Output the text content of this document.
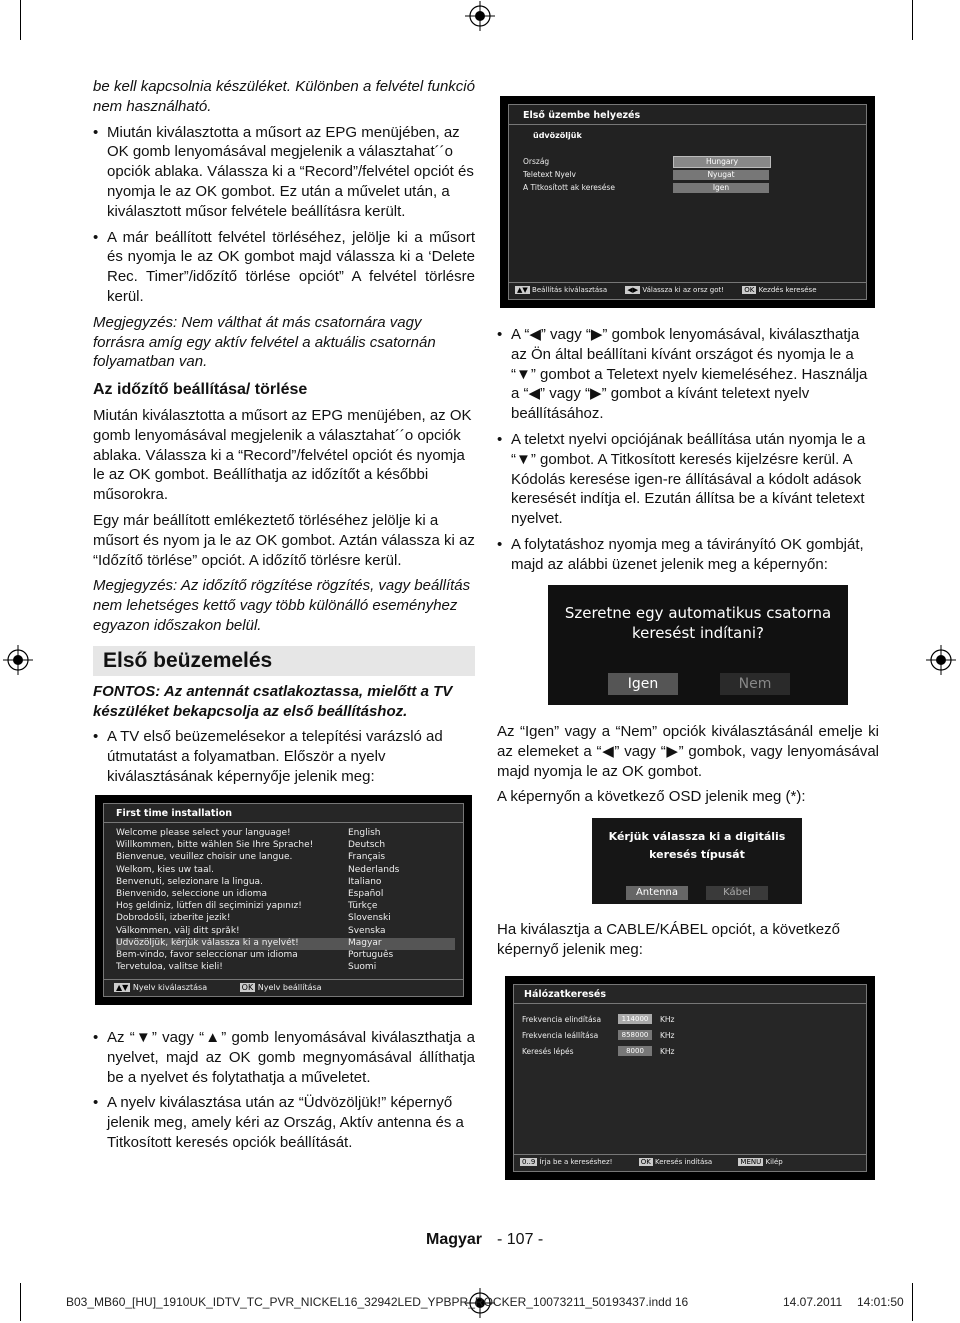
be kell kapcsolnia készüléket. Különben a felvétel funkció nem használható.

• Miután kiválasztotta a műsort az EPG menüjében, az OK gomb lenyomásával megjelenik a választahat´´o opciók ablaka. Válassza ki a “Record”/felvétel opciót és nyomja le az OK gombot. Ez után a művelet után, a kiválasztott műsor felvétele beállításra került.

• A már beállított felvétel törléséhez, jelölje ki a műsort és nyomja le az OK gombot majd válassza ki a ‘Delete Rec. Timer”/időzítő törlése opciót” A felvétel törlésre kerül.

Megjegyzés: Nem válthat át más csatornára vagy forrásra amíg egy aktív felvétel a aktuális csatornán folyamatban van.

Az időzítő beállítása/ törlése

Miután kiválasztotta a műsort az EPG menüjében, az OK gomb lenyomásával megjelenik a választahat´´o opciók ablaka. Válassza ki a “Record”/felvétel opciót és nyomja le az OK gombot. Beállíthatja az időzítőt a későbbi műsorokra.

Egy már beállított emlékeztető törléséhez jelölje ki a műsort és nyom ja le az OK gombot. Aztán válassza ki az “Időzítő törlése” opciót. A időzítő törlésre kerül.

Megjegyzés: Az időzítő rögzítése rögzítés, vagy beállítás nem lehetséges kettő vagy több különálló eseményhez egyazon időszakon belül.

Első beüzemelés

FONTOS: Az antennát csatlakoztassa, mielőtt a TV készüléket bekapcsolja az első beállításhoz.

• A TV első beüzemelésekor a telepítési varázsló ad útmutatást a folyamatban. Először a nyelv kiválasztásának képernyője jelenik meg:

First time installation
Welcome please select your language!	English
Willkommen, bitte wählen Sie Ihre Sprache!	Deutsch
Bienvenue, veuillez choisir une langue.	Français
Welkom, kies uw taal.	Nederlands
Benvenuti, selezionare la lingua.	Italiano
Bienvenido, seleccione un idioma	Español
Hoş geldiniz, lütfen dil seçiminizi yapınız!	Türkçe
Dobrodošli, izberite jezik!	Slovenski
Välkommen, välj ditt språk!	Svenska
Üdvözöljük, kérjük válassza ki a nyelvét!	Magyar
Bem-vindo, favor seleccionar um idioma	Português
Tervetuloa, valitse kieli!	Suomi
▲▼ Nyelv kiválasztása	OK Nyelv beállítása

• Az “▼” vagy “▲” gomb lenyomásával kiválaszthatja a nyelvet, majd az OK gomb megnyomásával állíthatja be a nyelvet és folytathatja a műveletet.

• A nyelv kiválasztása után az “Üdvözöljük!” képernyő jelenik meg, amely kéri az Ország, Aktív antenna és a Titkosított keresés opciók beállítását.

Első üzembe helyezés
üdvözöljük
Ország	Hungary
Teletext Nyelv	Nyugat
A Titkosított ak keresése	Igen
▲▼ Beállítás kiválasztása	◀▶ Válassza ki az orsz got!	OK Kezdés keresése

• A “◀” vagy “▶” gombok lenyomásával, kiválaszthatja az Ön által beállítani kívánt országot és nyomja le a “▼” gombot a Teletext nyelv kiemeléséhez. Használja a “◀” vagy “▶” gombot a kívánt teletext nyelv beállításához.

• A teletxt nyelvi opciójának beállítása után nyomja le a “▼” gombot. A Titkosított keresés kijelzésre kerül. A Kódolás keresése igen-re állításával a kódolt adások keresését indítja el. Ezután állítsa be a kívánt teletext nyelvet.

• A folytatáshoz nyomja meg a távirányító OK gombját, majd az alábbi üzenet jelenik meg a képernyőn:

Szeretne egy automatikus csatorna keresést indítani?
Igen	Nem

Az “Igen” vagy a “Nem” opciók kiválasztásánál emelje ki az elemeket a “◀” vagy “▶” gombok, vagy lenyomásával majd nyomja le az OK gombot.

A képernyőn a következő OSD jelenik meg (*):

Kérjük válassza ki a digitális keresés típusát
Antenna	Kábel

Ha kiválasztja a CABLE/KÁBEL opciót, a következő képernyő jelenik meg:

Hálózatkeresés
Frekvencia elindítása	114000	KHz
Frekvencia leállítása	858000	KHz
Keresés lépés	8000	KHz
0..9 Írja be a kereséshez!	OK Keresés indítása	MENU Kilép
Magyar - 107 -
B03_MB60_[HU]_1910UK_IDTV_TC_PVR_NICKEL16_32942LED_YPBPR_ROCKER_10073211_50193437.indd 16	14.07.2011 14:01:50
